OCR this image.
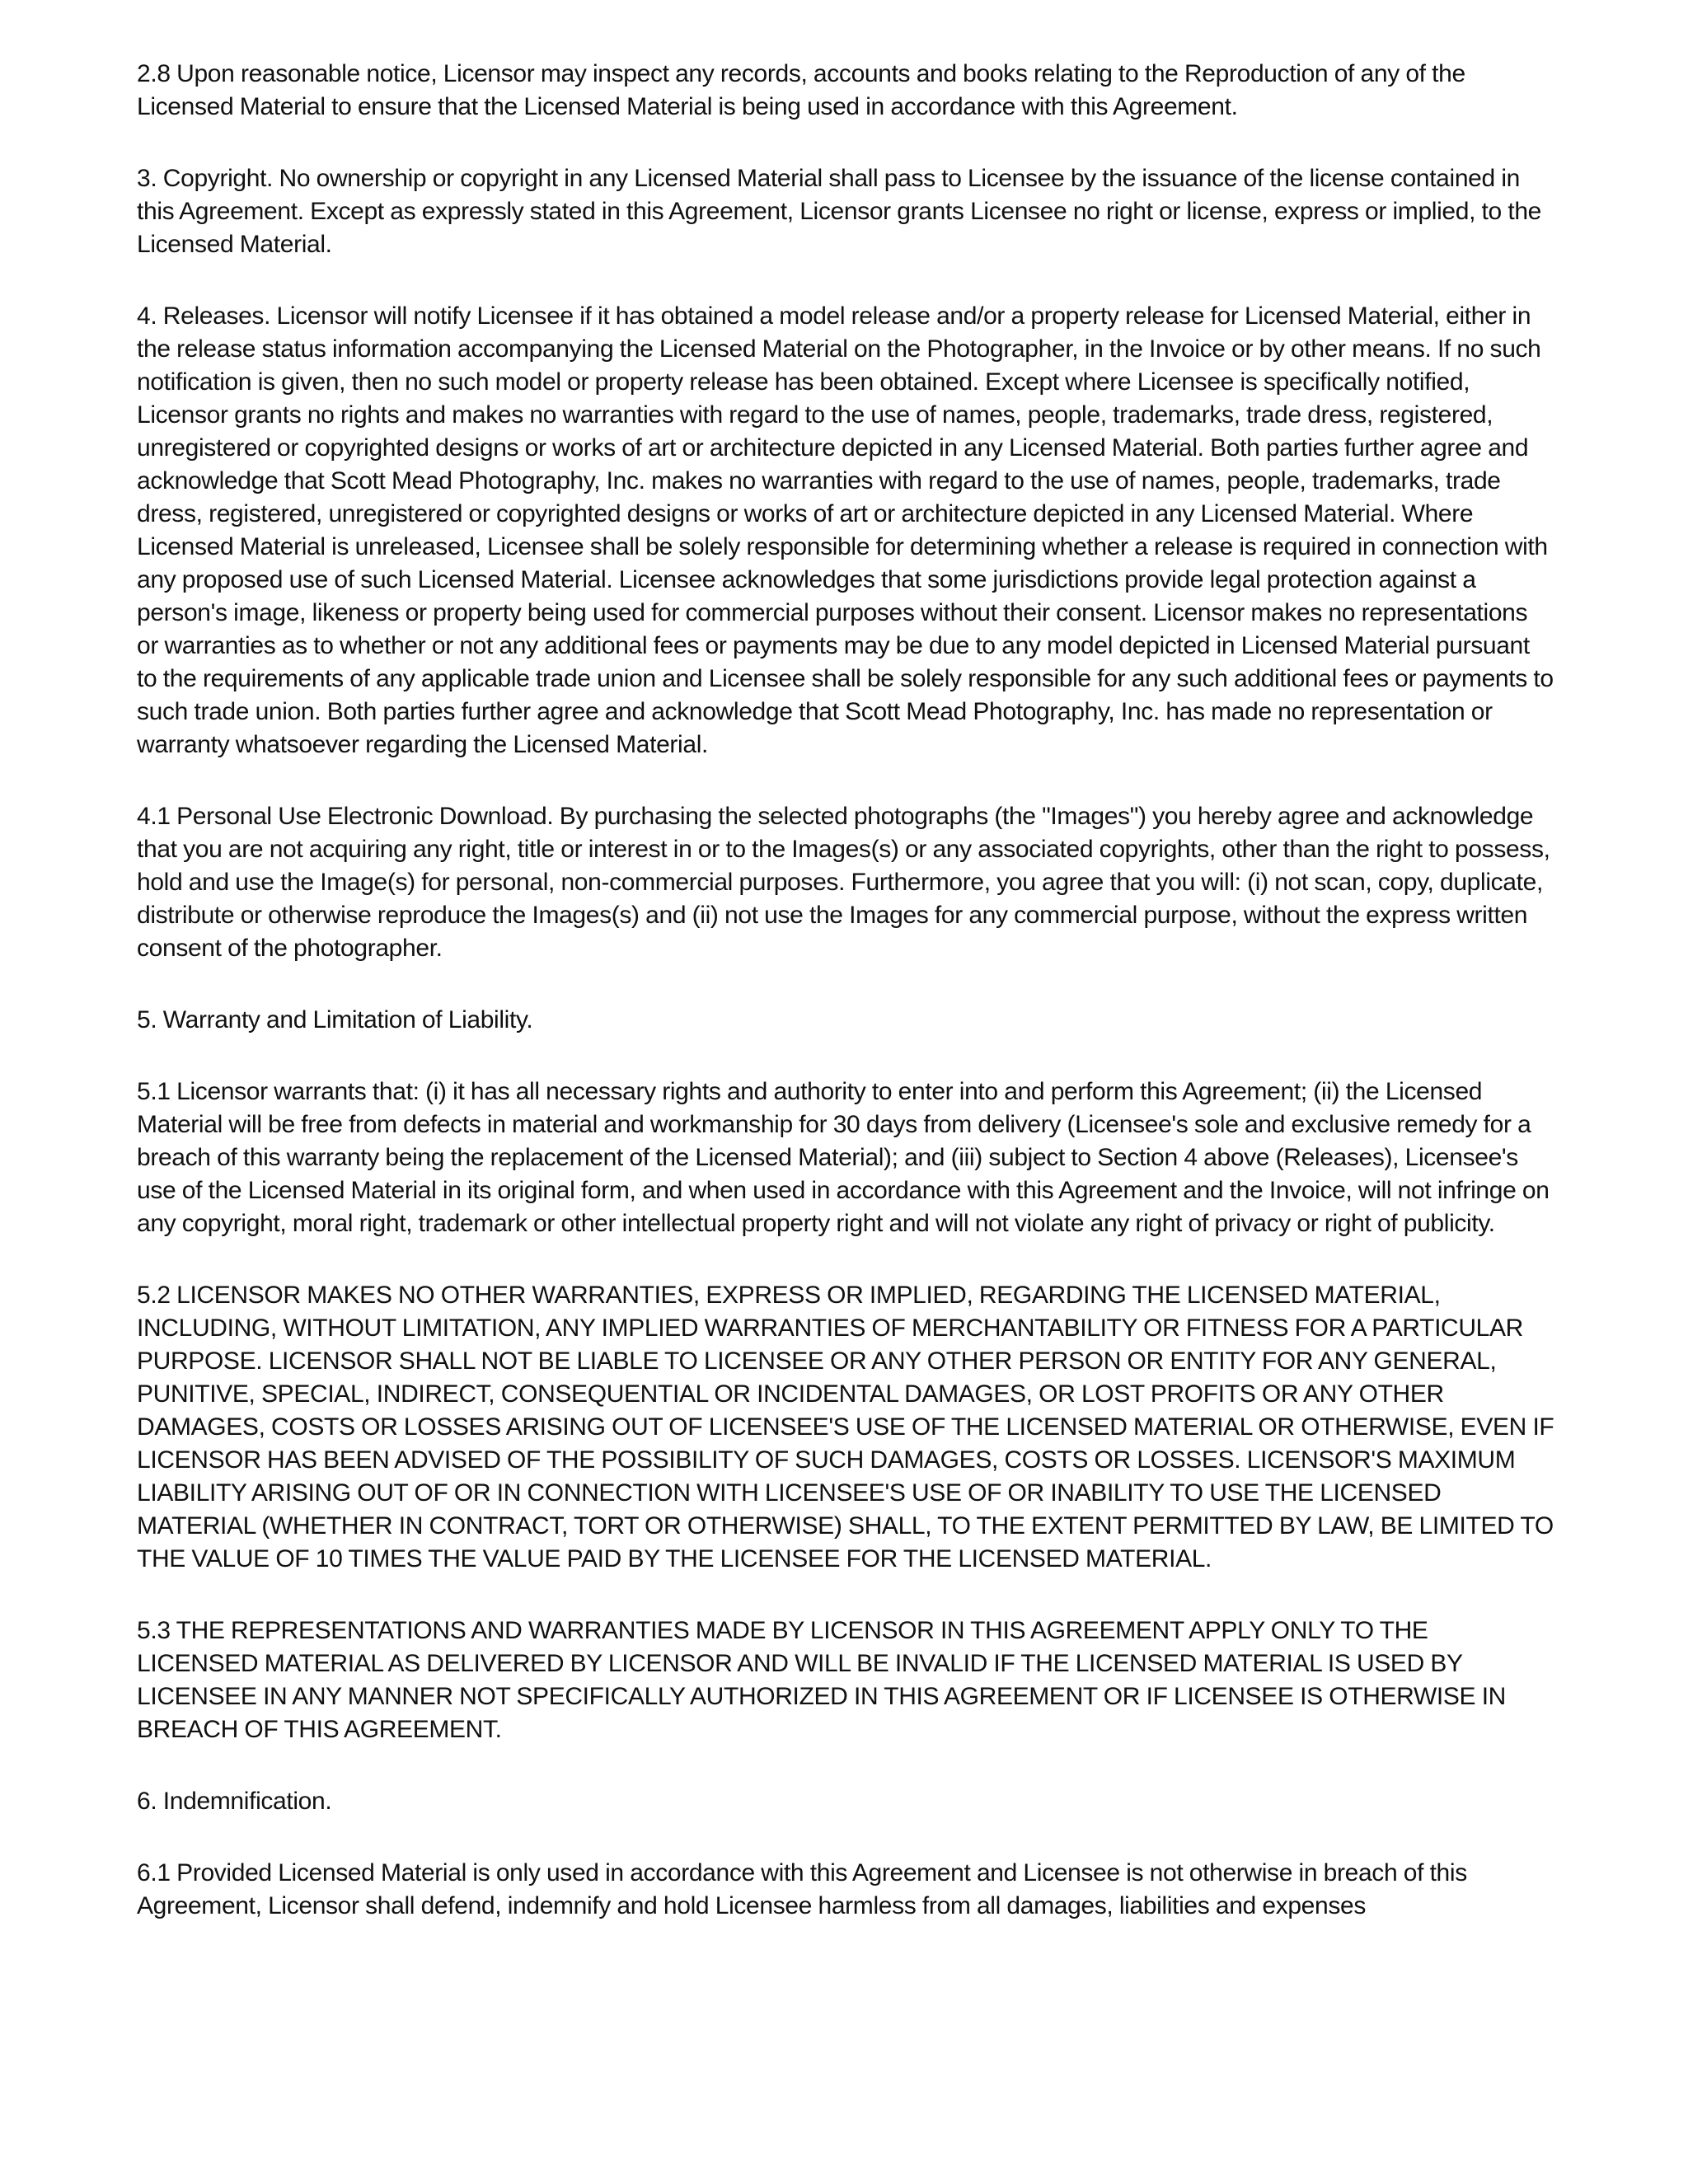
2.8 Upon reasonable notice, Licensor may inspect any records, accounts and books relating to the Reproduction of any of the Licensed Material to ensure that the Licensed Material is being used in accordance with this Agreement.

3. Copyright. No ownership or copyright in any Licensed Material shall pass to Licensee by the issuance of the license contained in this Agreement. Except as expressly stated in this Agreement, Licensor grants Licensee no right or license, express or implied, to the Licensed Material.

4. Releases. Licensor will notify Licensee if it has obtained a model release and/or a property release for Licensed Material, either in the release status information accompanying the Licensed Material on the Photographer, in the Invoice or by other means. If no such notification is given, then no such model or property release has been obtained. Except where Licensee is specifically notified, Licensor grants no rights and makes no warranties with regard to the use of names, people, trademarks, trade dress, registered, unregistered or copyrighted designs or works of art or architecture depicted in any Licensed Material. Both parties further agree and acknowledge that Scott Mead Photography, Inc. makes no warranties with regard to the use of names, people, trademarks, trade dress, registered, unregistered or copyrighted designs or works of art or architecture depicted in any Licensed Material. Where Licensed Material is unreleased, Licensee shall be solely responsible for determining whether a release is required in connection with any proposed use of such Licensed Material. Licensee acknowledges that some jurisdictions provide legal protection against a person's image, likeness or property being used for commercial purposes without their consent. Licensor makes no representations or warranties as to whether or not any additional fees or payments may be due to any model depicted in Licensed Material pursuant to the requirements of any applicable trade union and Licensee shall be solely responsible for any such additional fees or payments to such trade union. Both parties further agree and acknowledge that Scott Mead Photography, Inc. has made no representation or warranty whatsoever regarding the Licensed Material.

4.1 Personal Use Electronic Download. By purchasing the selected photographs (the "Images") you hereby agree and acknowledge that you are not acquiring any right, title or interest in or to the Images(s) or any associated copyrights, other than the right to possess, hold and use the Image(s) for personal, non-commercial purposes. Furthermore, you agree that you will: (i) not scan, copy, duplicate, distribute or otherwise reproduce the Images(s) and (ii) not use the Images for any commercial purpose, without the express written consent of the photographer.

5. Warranty and Limitation of Liability.

5.1 Licensor warrants that: (i) it has all necessary rights and authority to enter into and perform this Agreement; (ii) the Licensed Material will be free from defects in material and workmanship for 30 days from delivery (Licensee's sole and exclusive remedy for a breach of this warranty being the replacement of the Licensed Material); and (iii) subject to Section 4 above (Releases), Licensee's use of the Licensed Material in its original form, and when used in accordance with this Agreement and the Invoice, will not infringe on any copyright, moral right, trademark or other intellectual property right and will not violate any right of privacy or right of publicity.

5.2 LICENSOR MAKES NO OTHER WARRANTIES, EXPRESS OR IMPLIED, REGARDING THE LICENSED MATERIAL, INCLUDING, WITHOUT LIMITATION, ANY IMPLIED WARRANTIES OF MERCHANTABILITY OR FITNESS FOR A PARTICULAR PURPOSE. LICENSOR SHALL NOT BE LIABLE TO LICENSEE OR ANY OTHER PERSON OR ENTITY FOR ANY GENERAL, PUNITIVE, SPECIAL, INDIRECT, CONSEQUENTIAL OR INCIDENTAL DAMAGES, OR LOST PROFITS OR ANY OTHER DAMAGES, COSTS OR LOSSES ARISING OUT OF LICENSEE'S USE OF THE LICENSED MATERIAL OR OTHERWISE, EVEN IF LICENSOR HAS BEEN ADVISED OF THE POSSIBILITY OF SUCH DAMAGES, COSTS OR LOSSES. LICENSOR'S MAXIMUM LIABILITY ARISING OUT OF OR IN CONNECTION WITH LICENSEE'S USE OF OR INABILITY TO USE THE LICENSED MATERIAL (WHETHER IN CONTRACT, TORT OR OTHERWISE) SHALL, TO THE EXTENT PERMITTED BY LAW, BE LIMITED TO THE VALUE OF 10 TIMES THE VALUE PAID BY THE LICENSEE FOR THE LICENSED MATERIAL.

5.3 THE REPRESENTATIONS AND WARRANTIES MADE BY LICENSOR IN THIS AGREEMENT APPLY ONLY TO THE LICENSED MATERIAL AS DELIVERED BY LICENSOR AND WILL BE INVALID IF THE LICENSED MATERIAL IS USED BY LICENSEE IN ANY MANNER NOT SPECIFICALLY AUTHORIZED IN THIS AGREEMENT OR IF LICENSEE IS OTHERWISE IN BREACH OF THIS AGREEMENT.

6. Indemnification.

6.1 Provided Licensed Material is only used in accordance with this Agreement and Licensee is not otherwise in breach of this Agreement, Licensor shall defend, indemnify and hold Licensee harmless from all damages, liabilities and expenses
